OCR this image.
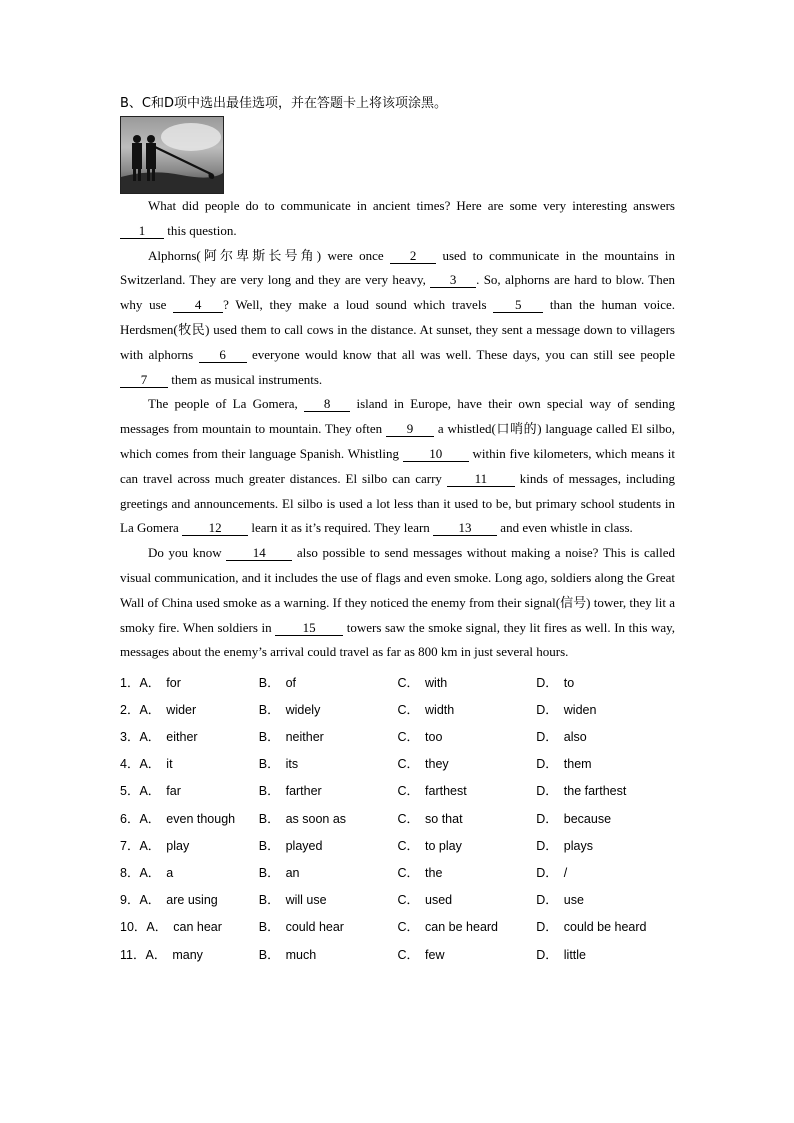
B、C和D项中选出最佳选项，并在答题卡上将该项涂黑。

What did people do to communicate in ancient times? Here are some very interesting answers 1 this question.

Alphorns(阿尔卑斯长号角) were once 2 used to communicate in the mountains in Switzerland. They are very long and they are very heavy, 3 . So, alphorns are hard to blow. Then why use 4 ? Well, they make a loud sound which travels 5 than the human voice. Herdsmen(牧民) used them to call cows in the distance. At sunset, they sent a message down to villagers with alphorns 6 everyone would know that all was well. These days, you can still see people 7 them as musical instruments.

The people of La Gomera, 8 island in Europe, have their own special way of sending messages from mountain to mountain. They often 9 a whistled(口哨的) language called El silbo, which comes from their language Spanish. Whistling 10 within five kilometers, which means it can travel across much greater distances. El silbo can carry	11	kinds of messages, including greetings and announcements. El silbo is used a lot less than it used to be, but primary school students in La Gomera 12 learn it as it’s required. They learn 13 and even whistle in class.

Do you know 14 also possible to send messages without making a noise? This is called visual communication, and it includes the use of flags and even smoke. Long ago, soldiers along the Great Wall of China used smoke as a warning. If they noticed the enemy from their signal(信号) tower, they lit a smoky fire. When soldiers in 15 towers saw the smoke signal, they lit fires as well. In this way, messages about the enemy’s arrival could travel as far as 800 km in just several hours.

1．A． for	B． of	C． with	D． to
2．A． wider	B． widely	C． width	D． widen
3．A． either	B． neither	C． too	D． also
4．A． it	B． its	C． they	D． them
5．A． far	B． farther	C． farthest	D． the farthest
6．A． even though	B． as soon as	C． so that	D． because
7．A． play	B． played	C． to play	D． plays
8．A． a	B． an	C． the	D． /
9．A． are using	B． will use	C． used	D． use
10．A． can hear	B． could hear	C． can be heard	D． could be heard
11．A． many	B． much	C． few	D． little
